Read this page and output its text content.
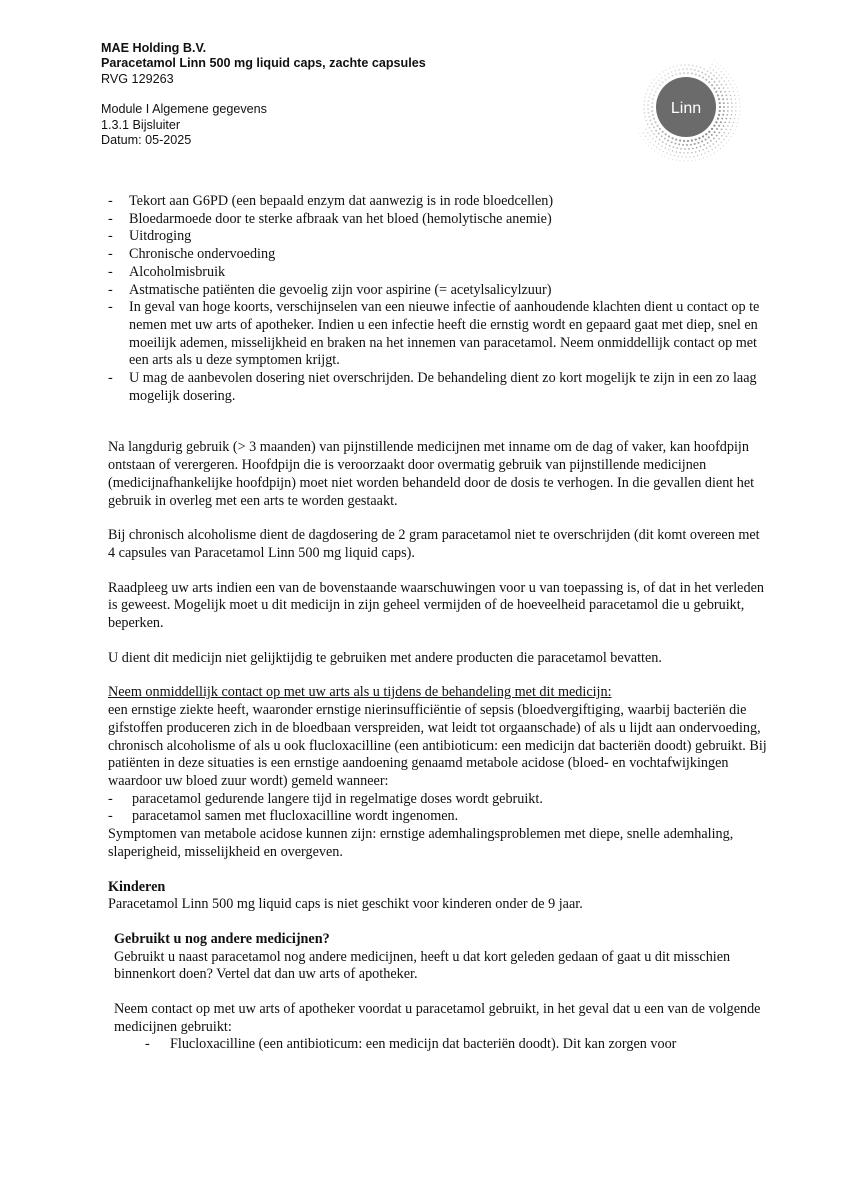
MAE Holding B.V.
Paracetamol Linn 500 mg liquid caps, zachte capsules
RVG 129263
Module I Algemene gegevens
1.3.1 Bijsluiter
Datum: 05-2025
Linn
- Tekort aan G6PD (een bepaald enzym dat aanwezig is in rode bloedcellen)
- Bloedarmoede door te sterke afbraak van het bloed (hemolytische anemie)
- Uitdroging
- Chronische ondervoeding
- Alcoholmisbruik
- Astmatische patiënten die gevoelig zijn voor aspirine (= acetylsalicylzuur)
- In geval van hoge koorts, verschijnselen van een nieuwe infectie of aanhoudende klachten dient u contact op te nemen met uw arts of apotheker. Indien u een infectie heeft die ernstig wordt en gepaard gaat met diep, snel en moeilijk ademen, misselijkheid en braken na het innemen van paracetamol. Neem onmiddellijk contact op met een arts als u deze symptomen krijgt.
- U mag de aanbevolen dosering niet overschrijden. De behandeling dient zo kort mogelijk te zijn in een zo laag mogelijk dosering.

Na langdurig gebruik (> 3 maanden) van pijnstillende medicijnen met inname om de dag of vaker, kan hoofdpijn ontstaan of verergeren. Hoofdpijn die is veroorzaakt door overmatig gebruik van pijnstillende medicijnen (medicijnafhankelijke hoofdpijn) moet niet worden behandeld door de dosis te verhogen. In die gevallen dient het gebruik in overleg met een arts te worden gestaakt.

Bij chronisch alcoholisme dient de dagdosering de 2 gram paracetamol niet te overschrijden (dit komt overeen met 4 capsules van Paracetamol Linn 500 mg liquid caps).

Raadpleeg uw arts indien een van de bovenstaande waarschuwingen voor u van toepassing is, of dat in het verleden is geweest. Mogelijk moet u dit medicijn in zijn geheel vermijden of de hoeveelheid paracetamol die u gebruikt, beperken.

U dient dit medicijn niet gelijktijdig te gebruiken met andere producten die paracetamol bevatten.

Neem onmiddellijk contact op met uw arts als u tijdens de behandeling met dit medicijn:

een ernstige ziekte heeft, waaronder ernstige nierinsufficiëntie of sepsis (bloedvergiftiging, waarbij bacteriën die gifstoffen produceren zich in de bloedbaan verspreiden, wat leidt tot orgaanschade) of als u lijdt aan ondervoeding, chronisch alcoholisme of als u ook flucloxacilline (een antibioticum: een medicijn dat bacteriën doodt) gebruikt. Bij patiënten in deze situaties is een ernstige aandoening genaamd metabole acidose (bloed- en vochtafwijkingen waardoor uw bloed zuur wordt) gemeld wanneer:

- paracetamol gedurende langere tijd in regelmatige doses wordt gebruikt.
- paracetamol samen met flucloxacilline wordt ingenomen.

Symptomen van metabole acidose kunnen zijn: ernstige ademhalingsproblemen met diepe, snelle ademhaling, slaperigheid, misselijkheid en overgeven.

Kinderen

Paracetamol Linn 500 mg liquid caps is niet geschikt voor kinderen onder de 9 jaar.

Gebruikt u nog andere medicijnen?

Gebruikt u naast paracetamol nog andere medicijnen, heeft u dat kort geleden gedaan of gaat u dit misschien binnenkort doen? Vertel dat dan uw arts of apotheker.

Neem contact op met uw arts of apotheker voordat u paracetamol gebruikt, in het geval dat u een van de volgende medicijnen gebruikt:

- Flucloxacilline (een antibioticum: een medicijn dat bacteriën doodt). Dit kan zorgen voor
